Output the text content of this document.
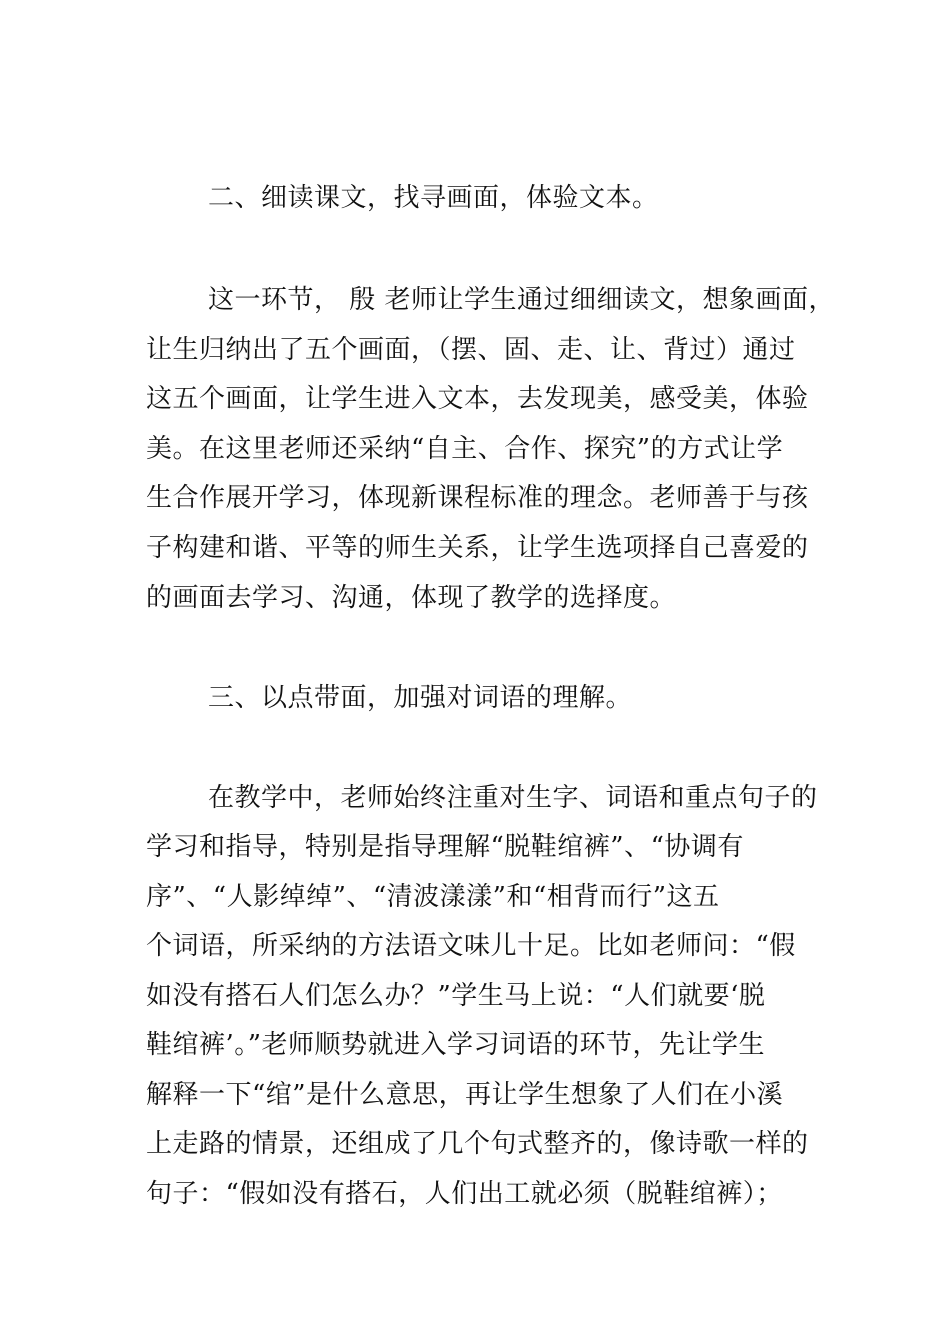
二、细读课文，找寻画面，体验文本。
这一环节， 殷 老师让学生通过细细读文，想象画面，
让生归纳出了五个画面，（摆、固、走、让、背过）通过
这五个画面，让学生进入文本，去发现美，感受美，体验
美。在这里老师还采纳“自主、合作、探究”的方式让学
生合作展开学习，体现新课程标准的理念。老师善于与孩
子构建和谐、平等的师生关系，让学生选项择自己喜爱的
的画面去学习、沟通，体现了教学的选择度。
三、以点带面，加强对词语的理解。
在教学中，老师始终注重对生字、词语和重点句子的
学习和指导，特别是指导理解“脱鞋绾裤”、“协调有
序”、“人影绰绰”、“清波漾漾”和“相背而行”这五
个词语，所采纳的方法语文味儿十足。比如老师问：“假
如没有搭石人们怎么办？”学生马上说：“人们就要‘脱
鞋绾裤’。”老师顺势就进入学习词语的环节，先让学生
解释一下“绾”是什么意思，再让学生想象了人们在小溪
上走路的情景，还组成了几个句式整齐的，像诗歌一样的
句子：“假如没有搭石，人们出工就必须（脱鞋绾裤）；
